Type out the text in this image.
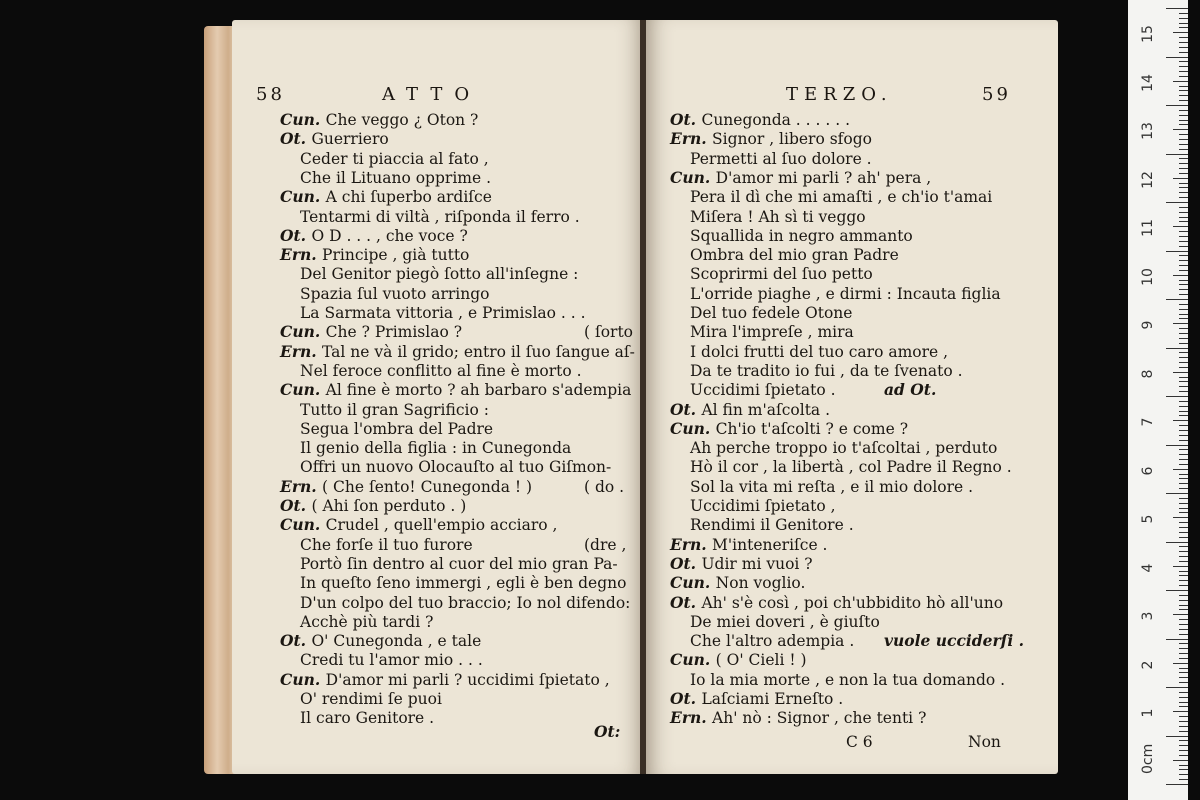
58	ATTO
Ot:
Cun. Che veggo ¿ Oton ?
Ot. Guerriero
Ceder ti piaccia al fato ,
Che il Lituano opprime .
Cun. A chi ſuperbo ardiſce
Tentarmi di viltà , riſponda il ferro .
Ot. O D . . . , che voce ?
Ern. Principe , già tutto
Del Genitor piegò ſotto all'inſegne :
Spazia ſul vuoto arringo
La Sarmata vittoria , e Primislao . . .
Cun. Che ? Primislao ?	( ſorto
Ern. Tal ne và il grido; entro il ſuo ſangue aſ-
Nel feroce conflitto al fine è morto .
Cun. Al fine è morto ? ah barbaro s'adempia
Tutto il gran Sagrificio :
Segua l'ombra del Padre
Il genio della figlia : in Cunegonda
Offri un nuovo Olocauſto al tuo Giſmon-
Ern. ( Che ſento! Cunegonda ! )	( do .
Ot. ( Ahi ſon perduto . )
Cun. Crudel , quell'empio acciaro ,
Che forſe il tuo furore	(dre ,
Portò ſin dentro al cuor del mio gran Pa-
In queſto ſeno immergi , egli è ben degno
D'un colpo del tuo braccio; Io nol difendo:
Acchè più tardi ?
Ot. O' Cunegonda , e tale
Credi tu l'amor mio . . .
Cun. D'amor mi parli ? uccidimi ſpietato ,
O' rendimi ſe puoi
Il caro Genitore .
TERZO.	59
C 6	Non
Ot. Cunegonda . . . . . .
Ern. Signor , libero sfogo
Permetti al ſuo dolore .
Cun. D'amor mi parli ? ah' pera ,
Pera il dì che mi amaſti , e ch'io t'amai
Miſera ! Ah sì ti veggo
Squallida in negro ammanto
Ombra del mio gran Padre
Scoprirmi del ſuo petto
L'orride piaghe , e dirmi : Incauta figlia
Del tuo fedele Otone
Mira l'impreſe , mira
I dolci frutti del tuo caro amore ,
Da te tradito io fui , da te ſvenato .
Uccidimi ſpietato .	ad Ot.
Ot. Al fin m'aſcolta .
Cun. Ch'io t'aſcolti ? e come ?
Ah perche troppo io t'aſcoltai , perduto
Hò il cor , la libertà , col Padre il Regno .
Sol la vita mi reſta , e il mio dolore .
Uccidimi ſpietato ,
Rendimi il Genitore .
Ern. M'inteneriſce .
Ot. Udir mi vuoi ?
Cun. Non voglio.
Ot. Ah' s'è così , poi ch'ubbidito hò all'uno
De miei doveri , è giuſto
Che l'altro adempia . vuole ucciderſi .
Cun. ( O' Cieli ! )
Io la mia morte , e non la tua domando .
Ot. Laſciami Erneſto .
Ern. Ah' nò : Signor , che tenti ?
15
14
13
12
11
10
9
8
7
6
5
4
3
2
1
0cm
